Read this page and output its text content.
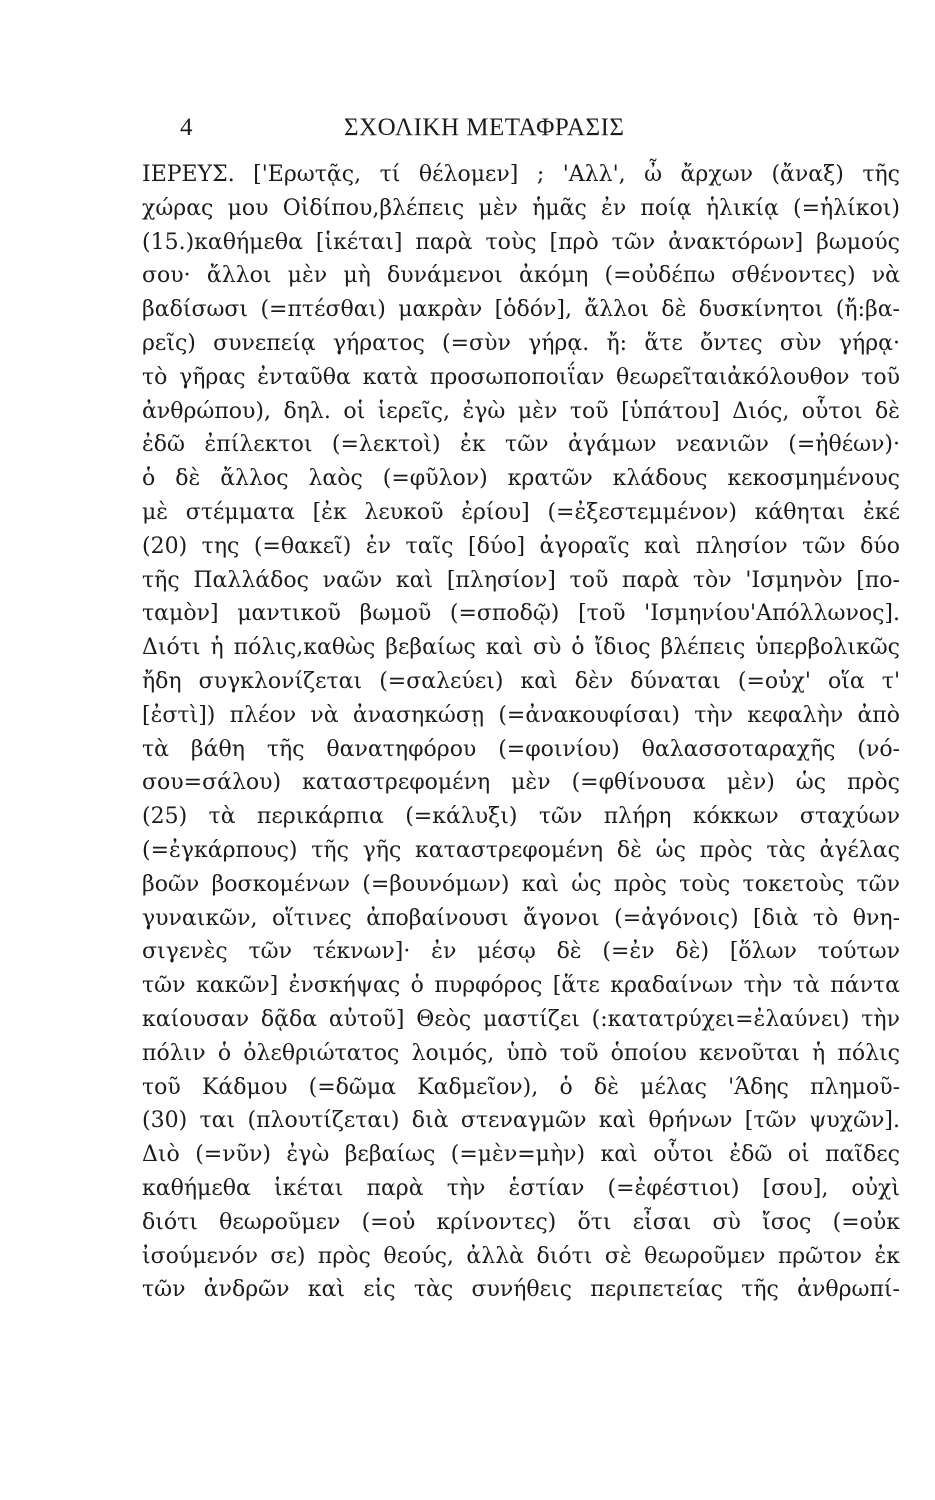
4	ΣΧΟΛΙΚΗ ΜΕΤΑΦΡΑΣΙΣ
ΙΕΡΕΥΣ. ['Ερωτᾷς, τί θέλομεν] ; 'Αλλ', ὦ ἄρχων (ἄναξ) τῆς
χώρας μου Οἰδίπου,βλέπεις μὲν ἡμᾶς ἐν ποίᾳ ἡλικίᾳ (=ἡλίκοι)
(15.)καθήμεθα [ἱκέται] παρὰ τοὺς [πρὸ τῶν ἀνακτόρων] βωμούς
σου· ἄλλοι μὲν μὴ δυνάμενοι ἀκόμη (=οὐδέπω σθένοντες) νὰ
βαδίσωσι (=πτέσθαι) μακρὰν [ὁδόν], ἄλλοι δὲ δυσκίνητοι (ἤ:βα-
ρεῖς) συνεπείᾳ γήρατος (=σὺν γήρᾳ. ἤ: ἅτε ὄντες σὺν γήρᾳ·
τὸ γῆρας ἐνταῦθα κατὰ προσωποποιΐαν θεωρεῖταιἀκόλουθον τοῦ
ἀνθρώπου), δηλ. οἱ ἱερεῖς, ἐγὼ μὲν τοῦ [ὑπάτου] Διός, οὗτοι δὲ
ἐδῶ ἐπίλεκτοι (=λεκτοὶ) ἐκ τῶν ἀγάμων νεανιῶν (=ἠθέων)·
ὁ δὲ ἄλλος λαὸς (=φῦλον) κρατῶν κλάδους κεκοσμημένους
μὲ στέμματα [ἐκ λευκοῦ ἐρίου] (=ἐξεστεμμένον) κάθηται ἐκέ
(20) της (=θακεῖ) ἐν ταῖς [δύο] ἀγοραῖς καὶ πλησίον τῶν δύο
τῆς Παλλάδος ναῶν καὶ [πλησίον] τοῦ παρὰ τὸν 'Ισμηνὸν [πο-
ταμὸν] μαντικοῦ βωμοῦ (=σποδῷ) [τοῦ 'Ισμηνίου'Απόλλωνος].
Διότι ἡ πόλις,καθὼς βεβαίως καὶ σὺ ὁ ἴδιος βλέπεις ὑπερβολικῶς
ἤδη συγκλονίζεται (=σαλεύει) καὶ δὲν δύναται (=οὐχ' οἵα τ'
[ἐστὶ]) πλέον νὰ ἀνασηκώσῃ (=ἀνακουφίσαι) τὴν κεφαλὴν ἀπὸ
τὰ βάθη τῆς θανατηφόρου (=φοινίου) θαλασσοταραχῆς (νό-
σου=σάλου) καταστρεφομένη μὲν (=φθίνουσα μὲν) ὡς πρὸς
(25) τὰ περικάρπια (=κάλυξι) τῶν πλήρη κόκκων σταχύων
(=ἐγκάρπους) τῆς γῆς καταστρεφομένη δὲ ὡς πρὸς τὰς ἀγέλας
βοῶν βοσκομένων (=βουνόμων) καὶ ὡς πρὸς τοὺς τοκετοὺς τῶν
γυναικῶν, οἵτινες ἀποβαίνουσι ἄγονοι (=ἀγόνοις) [διὰ τὸ θνη-
σιγενὲς τῶν τέκνων]· ἐν μέσῳ δὲ (=ἐν δὲ) [ὅλων τούτων
τῶν κακῶν] ἐνσκήψας ὁ πυρφόρος [ἅτε κραδαίνων τὴν τὰ πάντα
καίουσαν δᾷδα αὐτοῦ] Θεὸς μαστίζει (:κατατρύχει=ἐλαύνει) τὴν
πόλιν ὁ ὀλεθριώτατος λοιμός, ὑπὸ τοῦ ὁποίου κενοῦται ἡ πόλις
τοῦ Κάδμου (=δῶμα Καδμεῖον), ὁ δὲ μέλας 'Άδης πλημοῦ-
(30) ται (πλουτίζεται) διὰ στεναγμῶν καὶ θρήνων [τῶν ψυχῶν].
Διὸ (=νῦν) ἐγὼ βεβαίως (=μὲν=μὴν) καὶ οὗτοι ἐδῶ οἱ παῖδες
καθήμεθα ἱκέται παρὰ τὴν ἑστίαν (=ἐφέστιοι) [σου], οὐχὶ
διότι θεωροῦμεν (=οὐ κρίνοντες) ὅτι εἶσαι σὺ ἴσος (=οὐκ
ἰσούμενόν σε) πρὸς θεούς, ἀλλὰ διότι σὲ θεωροῦμεν πρῶτον ἐκ
τῶν ἀνδρῶν καὶ εἰς τὰς συνήθεις περιπετείας τῆς ἀνθρωπί-
